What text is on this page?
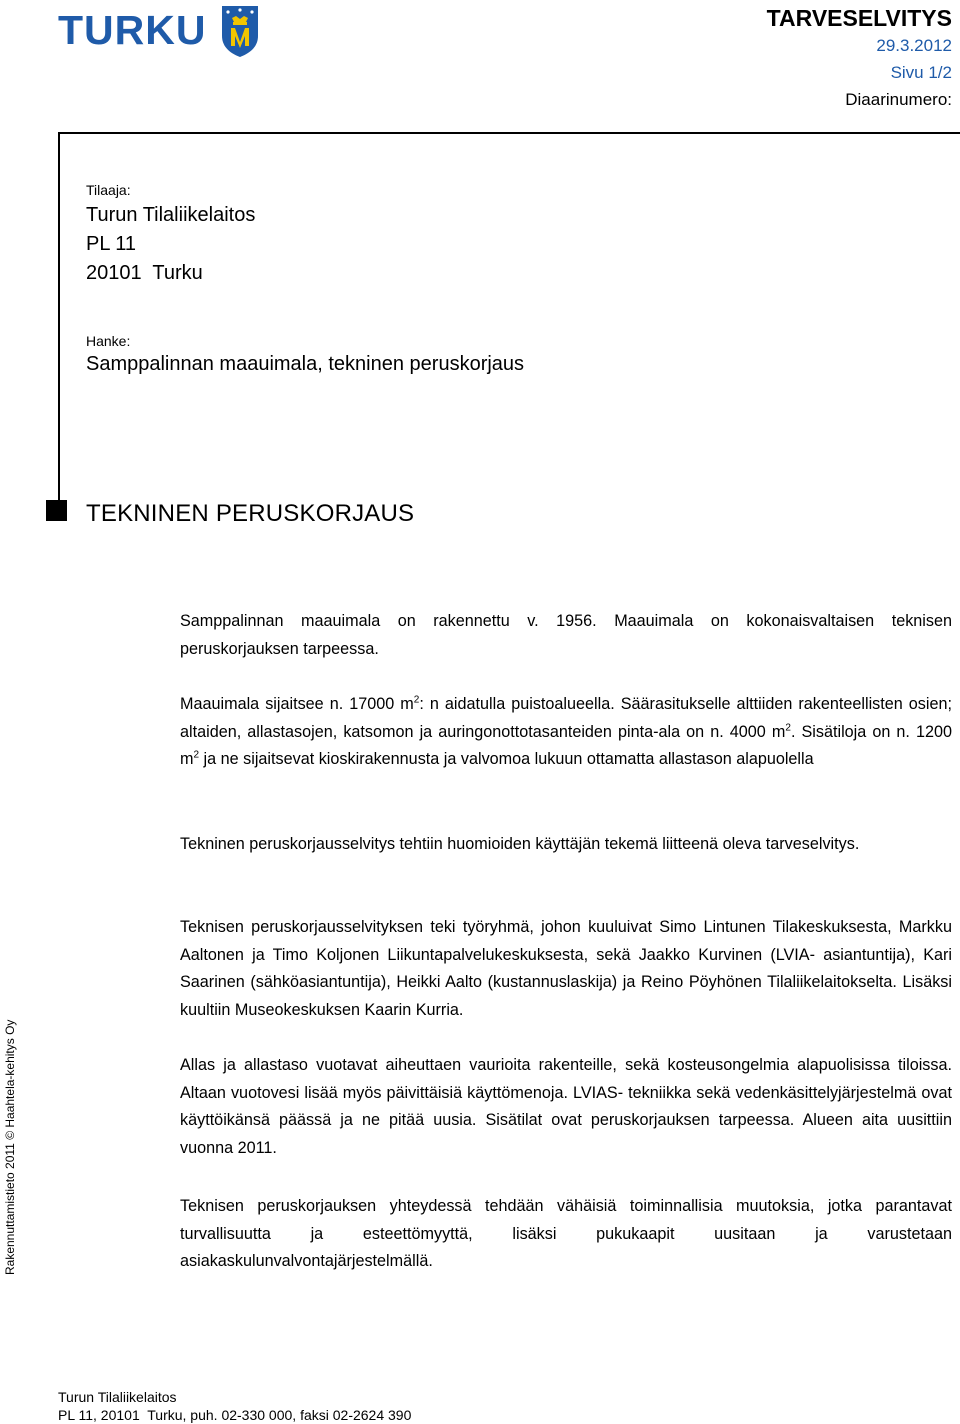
TURKU	TARVESELVITYS
29.3.2012
Sivu 1/2
Diaarinumero:
Tilaaja:
Turun Tilaliikelaitos
PL 11
20101  Turku
Hanke:
Samppalinnan maauimala, tekninen peruskorjaus
TEKNINEN PERUSKORJAUS
Samppalinnan maauimala on rakennettu v. 1956. Maauimala on kokonaisvaltaisen teknisen peruskorjauksen tarpeessa.
Maauimala sijaitsee n. 17000 $m^2$: n aidatulla puistoalueella. Säärasitukselle alttiiden rakenteellisten osien; altaiden, allastasojen, katsomon ja auringonottotasanteiden pinta-ala on n. 4000 $m^2$. Sisätiloja on n. 1200 $m^2$ ja ne sijaitsevat kioskirakennusta ja valvomoa lukuun ottamatta allastason alapuolella
Tekninen peruskorjausselvitys tehtiin huomioiden käyttäjän tekemä liitteenä oleva tarveselvitys.
Teknisen peruskorjausselvityksen teki työryhmä, johon kuuluivat Simo Lintunen Tilakeskuksesta, Markku Aaltonen ja Timo Koljonen Liikuntapalvelukeskuksesta, sekä Jaakko Kurvinen (LVIA- asiantuntija), Kari Saarinen (sähköasiantuntija), Heikki Aalto (kustannuslaskija) ja Reino Pöyhönen Tilaliikelaitokselta. Lisäksi kuultiin Museokeskuksen Kaarin Kurria.
Allas ja allastaso vuotavat aiheuttaen vaurioita rakenteille, sekä kosteusongelmia alapuolisissa tiloissa. Altaan vuotovesi lisää myös päivittäisiä käyttömenoja. LVIAS- tekniikka sekä vedenkäsittelyjärjestelmä ovat käyttöikänsä päässä ja ne pitää uusia. Sisätilat ovat peruskorjauksen tarpeessa. Alueen aita uusittiin vuonna 2011.
Teknisen peruskorjauksen yhteydessä tehdään vähäisiä toiminnallisia muutoksia, jotka parantavat turvallisuutta ja esteettömyyttä, lisäksi pukukaapit uusitaan ja varustetaan asiakaskulunvalvontajärjestelmällä.
Rakennuttamistieto 2011 © Haahtela-kehitys Oy
Turun Tilaliikelaitos
PL 11, 20101  Turku, puh. 02-330 000, faksi 02-2624 390
